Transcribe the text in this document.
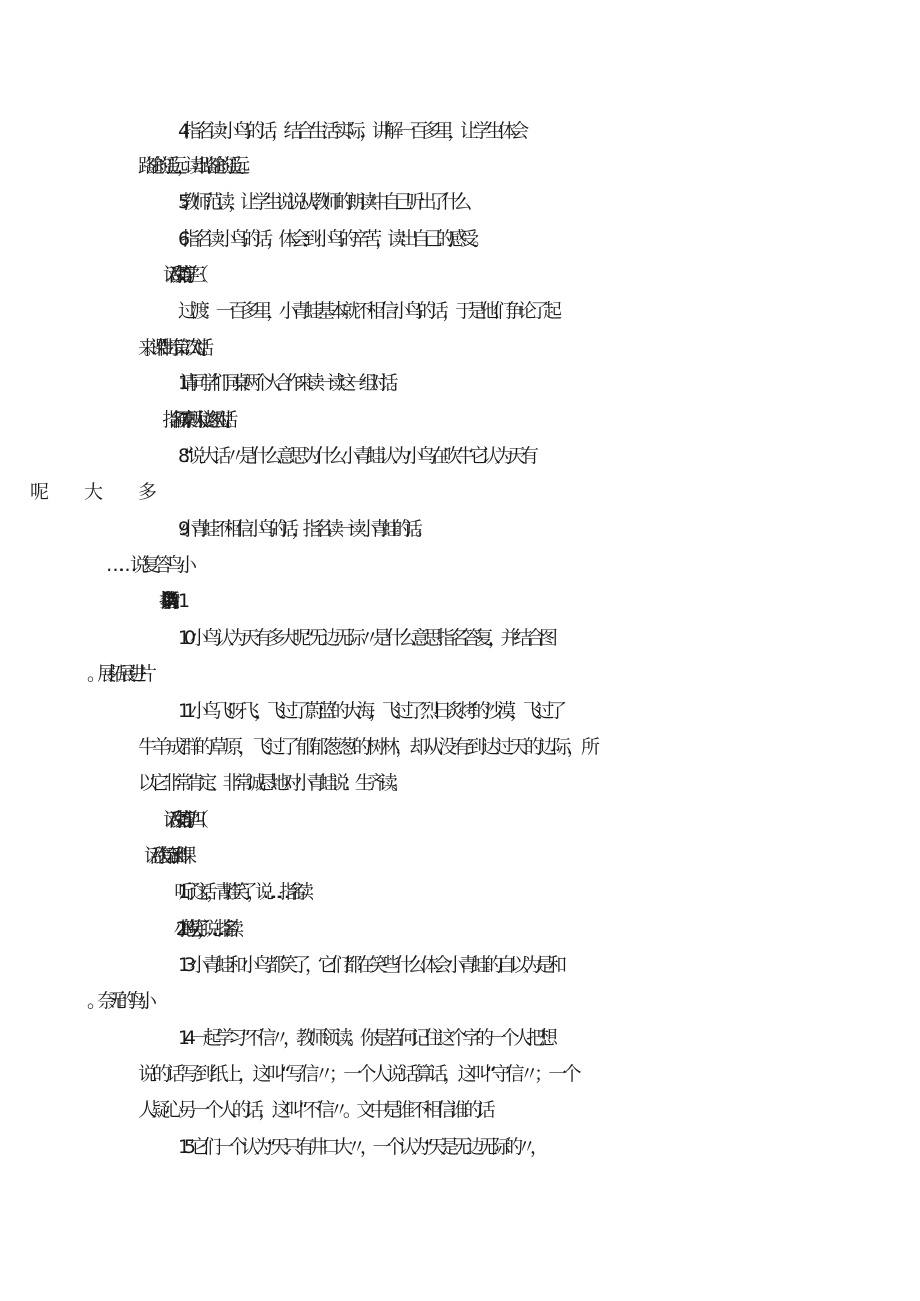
4 .指名读小鸟的话，结合生活实际，讲解一百多里，让学生体会
路途的遥远，读出路途的遥远。
5 .教师范读，让学生说说从教师的朗读中自己听出了什么
6 .指名读小鸟的话，体会到小鸟的辛苦，读出自己的感受。
过渡：一百多里，小青蛙基本就不相信小鸟的话，于是他们争论了起
来。课件出示第二次对话。
1.请同学们同桌两个人合作来读一读这一组对话。
7 .指名同桌两人读这组对话。
8 .“说大话〃是什么意思为什么小青蛙认为小鸟在吹牛它认为天有
9 .小青蛙不相信小鸟的话，指名读一读小青蛙的话。
10小鸟认为天有多大呢“无边无际〃是什么意思指名答复，并结合图
11小鸟飞呀飞，飞过了蔚蓝的大海，飞过了烈日炙烤的沙漠，飞过了
牛羊成群的草原，飞过了郁郁葱葱的树林，却从没有到达过天的边际，所
以它非常肯定、非常诚恳地对小青蛙说：生齐读。
1.听了这话，青蛙笑了，说……指名读
12小鸟也笑了，说……指名读
13小青蛙和小鸟都笑了，它们都在笑些什么体会小青蛙的自以为是和
14一起学习“不信〃，教师领读。你是若何记住这个字的一个人把想
说的话写到纸上，这叫“写信〃；一个人说话算话，这叫“守信〃；一个
人疑心另一个人的话，这叫“不信〃。文中是谁不相信谁的话
15它们一个认为“天只有井口大〃，一个认为“天是无边无际的〃，
